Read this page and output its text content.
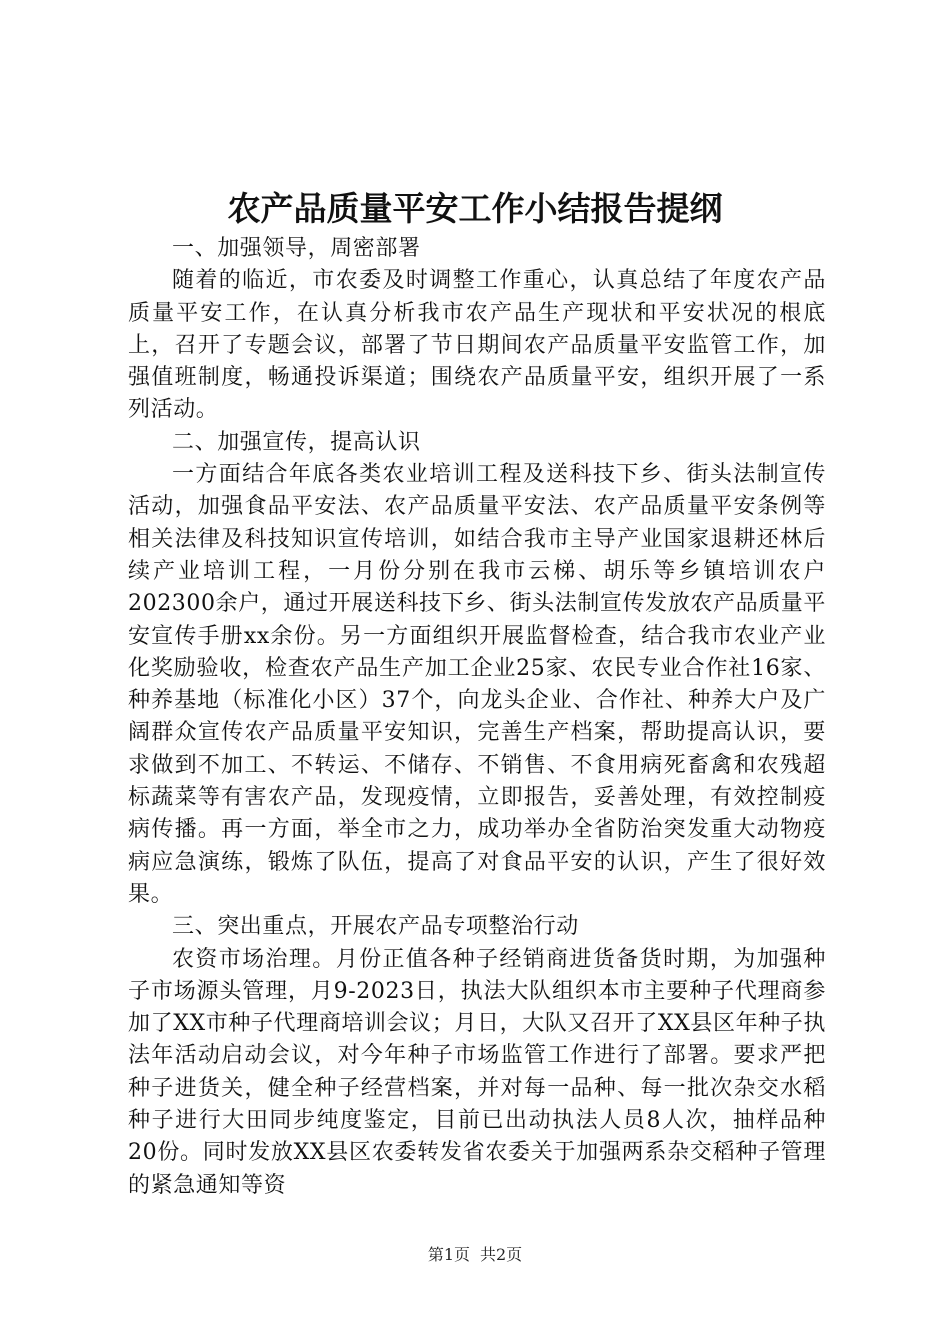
农产品质量平安工作小结报告提纲

一、加强领导，周密部署

随着的临近，市农委及时调整工作重心，认真总结了年度农产品质量平安工作，在认真分析我市农产品生产现状和平安状况的根底上，召开了专题会议，部署了节日期间农产品质量平安监管工作，加强值班制度，畅通投诉渠道；围绕农产品质量平安，组织开展了一系列活动。

二、加强宣传，提高认识

一方面结合年底各类农业培训工程及送科技下乡、街头法制宣传活动，加强食品平安法、农产品质量平安法、农产品质量平安条例等相关法律及科技知识宣传培训，如结合我市主导产业国家退耕还林后续产业培训工程，一月份分别在我市云梯、胡乐等乡镇培训农户202300余户，通过开展送科技下乡、街头法制宣传发放农产品质量平安宣传手册xx余份。另一方面组织开展监督检查，结合我市农业产业化奖励验收，检查农产品生产加工企业25家、农民专业合作社16家、种养基地（标准化小区）37个，向龙头企业、合作社、种养大户及广阔群众宣传农产品质量平安知识，完善生产档案，帮助提高认识，要求做到不加工、不转运、不储存、不销售、不食用病死畜禽和农残超标蔬菜等有害农产品，发现疫情，立即报告，妥善处理，有效控制疫病传播。再一方面，举全市之力，成功举办全省防治突发重大动物疫病应急演练，锻炼了队伍，提高了对食品平安的认识，产生了很好效果。

三、突出重点，开展农产品专项整治行动

农资市场治理。月份正值各种子经销商进货备货时期，为加强种子市场源头管理，月9-2023日，执法大队组织本市主要种子代理商参加了XX市种子代理商培训会议；月日，大队又召开了XX县区年种子执法年活动启动会议，对今年种子市场监管工作进行了部署。要求严把种子进货关，健全种子经营档案，并对每一品种、每一批次杂交水稻种子进行大田同步纯度鉴定，目前已出动执法人员8人次，抽样品种20份。同时发放XX县区农委转发省农委关于加强两系杂交稻种子管理的紧急通知等资

第1页 共2页
